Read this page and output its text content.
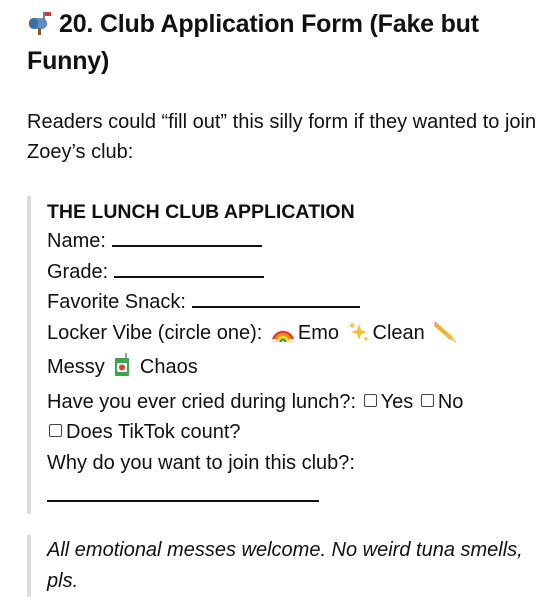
20. Club Application Form (Fake but Funny)
Readers could “fill out” this silly form if they wanted to join Zoey’s club:
THE LUNCH CLUB APPLICATION
Name:
Grade:
Favorite Snack:
Locker Vibe (circle one): Emo Clean
Messy Chaos
Have you ever cried during lunch?: Yes No
Does TikTok count?
Why do you want to join this club?:
All emotional messes welcome. No weird tuna smells, pls.
